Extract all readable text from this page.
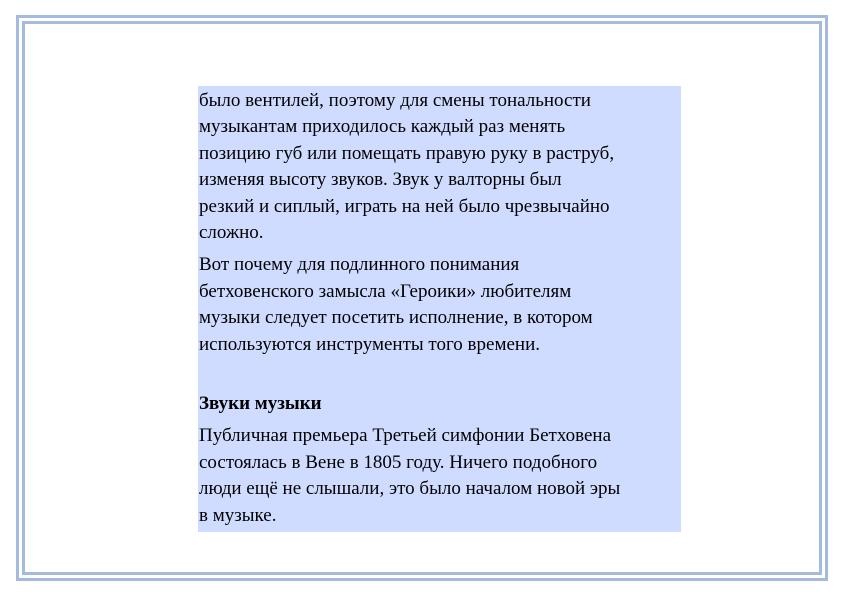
было вентилей, поэтому для смены тональности
музыкантам приходилось каждый раз менять
позицию губ или помещать правую руку в раструб,
изменяя высоту звуков. Звук у валторны был
резкий и сиплый, играть на ней было чрезвычайно
сложно.

Вот почему для подлинного понимания
бетховенского замысла «Героики» любителям
музыки следует посетить исполнение, в котором
используются инструменты того времени.

Звуки музыки

Публичная премьера Третьей симфонии Бетховена
состоялась в Вене в 1805 году. Ничего подобного
люди ещё не слышали, это было началом новой эры
в музыке.
